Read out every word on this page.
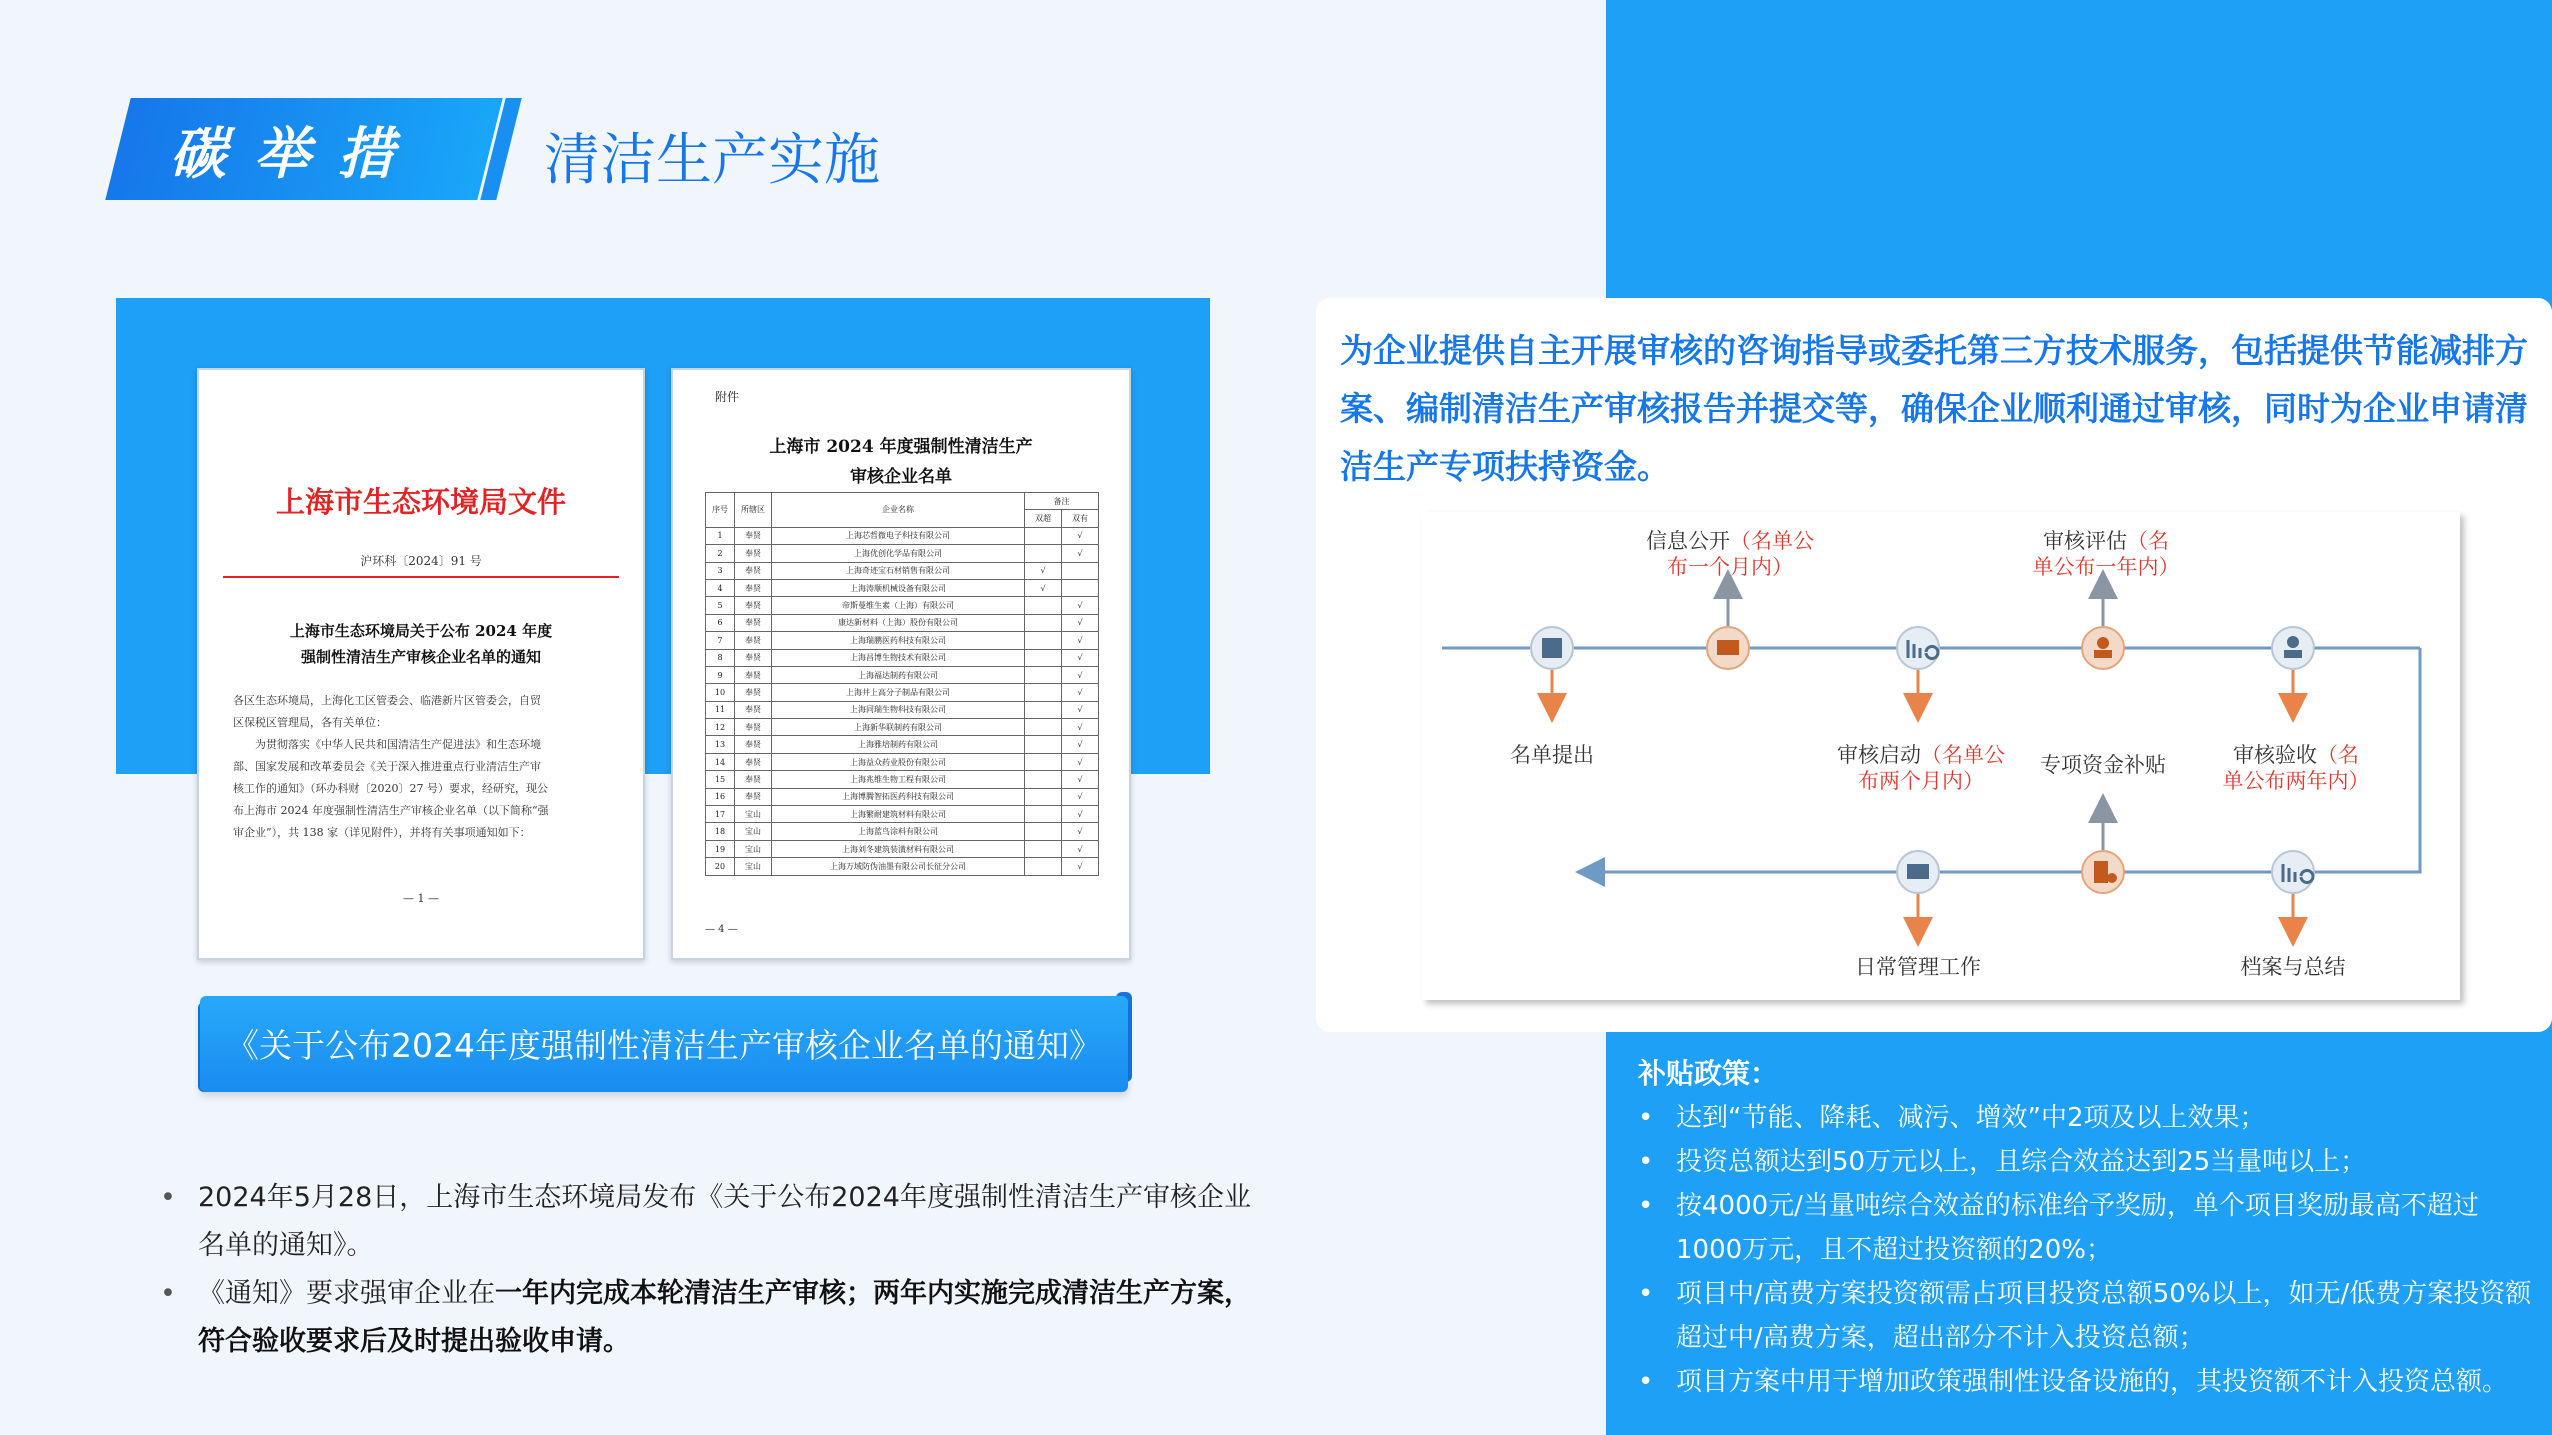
碳举措	清洁生产实施
上海市生态环境局文件
沪环科〔2024〕91 号
上海市生态环境局关于公布 2024 年度
强制性清洁生产审核企业名单的通知
各区生态环境局，上海化工区管委会、临港新片区管委会，自贸
区保税区管理局，各有关单位：
为贯彻落实《中华人民共和国清洁生产促进法》和生态环境
部、国家发展和改革委员会《关于深入推进重点行业清洁生产审
核工作的通知》（环办科财〔2020〕27 号）要求，经研究，现公
布上海市 2024 年度强制性清洁生产审核企业名单（以下简称“强
审企业”），共 138 家（详见附件），并将有关事项通知如下：
— 1 —
附件
上海市 2024 年度强制性清洁生产
审核企业名单
序号	所辖区	企业名称	备注	
			双超	双有
1	奉贤	上海芯哲微电子科技有限公司		√
2	奉贤	上海优创化学品有限公司		√
3	奉贤	上海奇迹宝石材销售有限公司	√	
4	奉贤	上海涛顺机械设备有限公司	√	
5	奉贤	帝斯曼维生素（上海）有限公司		√
6	奉贤	康达新材料（上海）股份有限公司		√
7	奉贤	上海瑞鹏医药科技有限公司		√
8	奉贤	上海昌博生物技术有限公司		√
9	奉贤	上海福达制药有限公司		√
10	奉贤	上海井上高分子制品有限公司		√
11	奉贤	上海同瑞生物科技有限公司		√
12	奉贤	上海新华联制药有限公司		√
13	奉贤	上海雅培制药有限公司		√
14	奉贤	上海益众药业股份有限公司		√
15	奉贤	上海兆维生物工程有限公司		√
16	奉贤	上海博腾智拓医药科技有限公司		√
17	宝山	上海繁耐建筑材料有限公司		√
18	宝山	上海蓝鸟涂料有限公司		√
19	宝山	上海刘冬建筑装潢材料有限公司		√
20	宝山	上海万域防伪油墨有限公司长征分公司		√
— 4 —
《关于公布2024年度强制性清洁生产审核企业名单的通知》
• 2024年5月28日，上海市生态环境局发布《关于公布2024年度强制性清洁生产审核企业名单的通知》。
• 《通知》要求强审企业在一年内完成本轮清洁生产审核；两年内实施完成清洁生产方案，符合验收要求后及时提出验收申请。
为企业提供自主开展审核的咨询指导或委托第三方技术服务，包括提供节能减排方案、编制清洁生产审核报告并提交等，确保企业顺利通过审核，同时为企业申请清洁生产专项扶持资金。
信息公开（名单公
布一个月内）
审核评估（名
单公布一年内）
名单提出	审核启动（名单公
布两个月内）
专项资金补贴	审核验收（名
单公布两年内）
日常管理工作	档案与总结
补贴政策：
• 达到“节能、降耗、减污、增效”中2项及以上效果；
• 投资总额达到50万元以上，且综合效益达到25当量吨以上；
• 按4000元/当量吨综合效益的标准给予奖励，单个项目奖励最高不超过1000万元，且不超过投资额的20%；
• 项目中/高费方案投资额需占项目投资总额50%以上，如无/低费方案投资额超过中/高费方案，超出部分不计入投资总额；
• 项目方案中用于增加政策强制性设备设施的，其投资额不计入投资总额。
